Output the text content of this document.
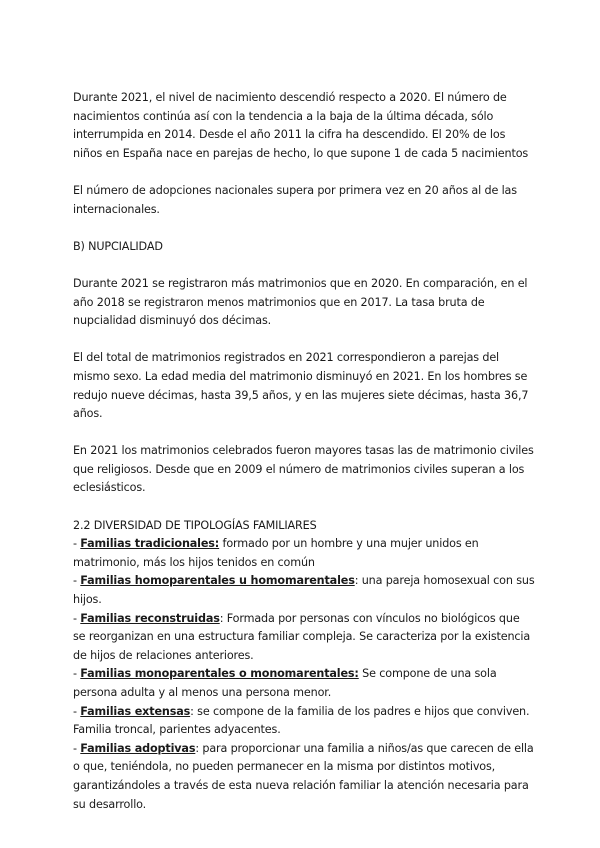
Durante 2021, el nivel de nacimiento descendió respecto a 2020. El número de nacimientos continúa así con la tendencia a la baja de la última década, sólo interrumpida en 2014. Desde el año 2011 la cifra ha descendido. El 20% de los niños en España nace en parejas de hecho, lo que supone 1 de cada 5 nacimientos

El número de adopciones nacionales supera por primera vez en 20 años al de las internacionales.

B) NUPCIALIDAD

Durante 2021 se registraron más matrimonios que en 2020. En comparación, en el año 2018 se registraron menos matrimonios que en 2017. La tasa bruta de nupcialidad disminuyó dos décimas.

El del total de matrimonios registrados en 2021 correspondieron a parejas del mismo sexo. La edad media del matrimonio disminuyó en 2021. En los hombres se redujo nueve décimas, hasta 39,5 años, y en las mujeres siete décimas, hasta 36,7 años.

En 2021 los matrimonios celebrados fueron mayores tasas las de matrimonio civiles que religiosos. Desde que en 2009 el número de matrimonios civiles superan a los eclesiásticos.

2.2 DIVERSIDAD DE TIPOLOGÍAS FAMILIARES

- Familias tradicionales: formado por un hombre y una mujer unidos en matrimonio, más los hijos tenidos en común

- Familias homoparentales u homomarentales: una pareja homosexual con sus hijos.

- Familias reconstruidas: Formada por personas con vínculos no biológicos que se reorganizan en una estructura familiar compleja. Se caracteriza por la existencia de hijos de relaciones anteriores.

- Familias monoparentales o monomarentales: Se compone de una sola persona adulta y al menos una persona menor.

- Familias extensas: se compone de la familia de los padres e hijos que conviven. Familia troncal, parientes adyacentes.

- Familias adoptivas: para proporcionar una familia a niños/as que carecen de ella o que, teniéndola, no pueden permanecer en la misma por distintos motivos, garantizándoles a través de esta nueva relación familiar la atención necesaria para su desarrollo.
